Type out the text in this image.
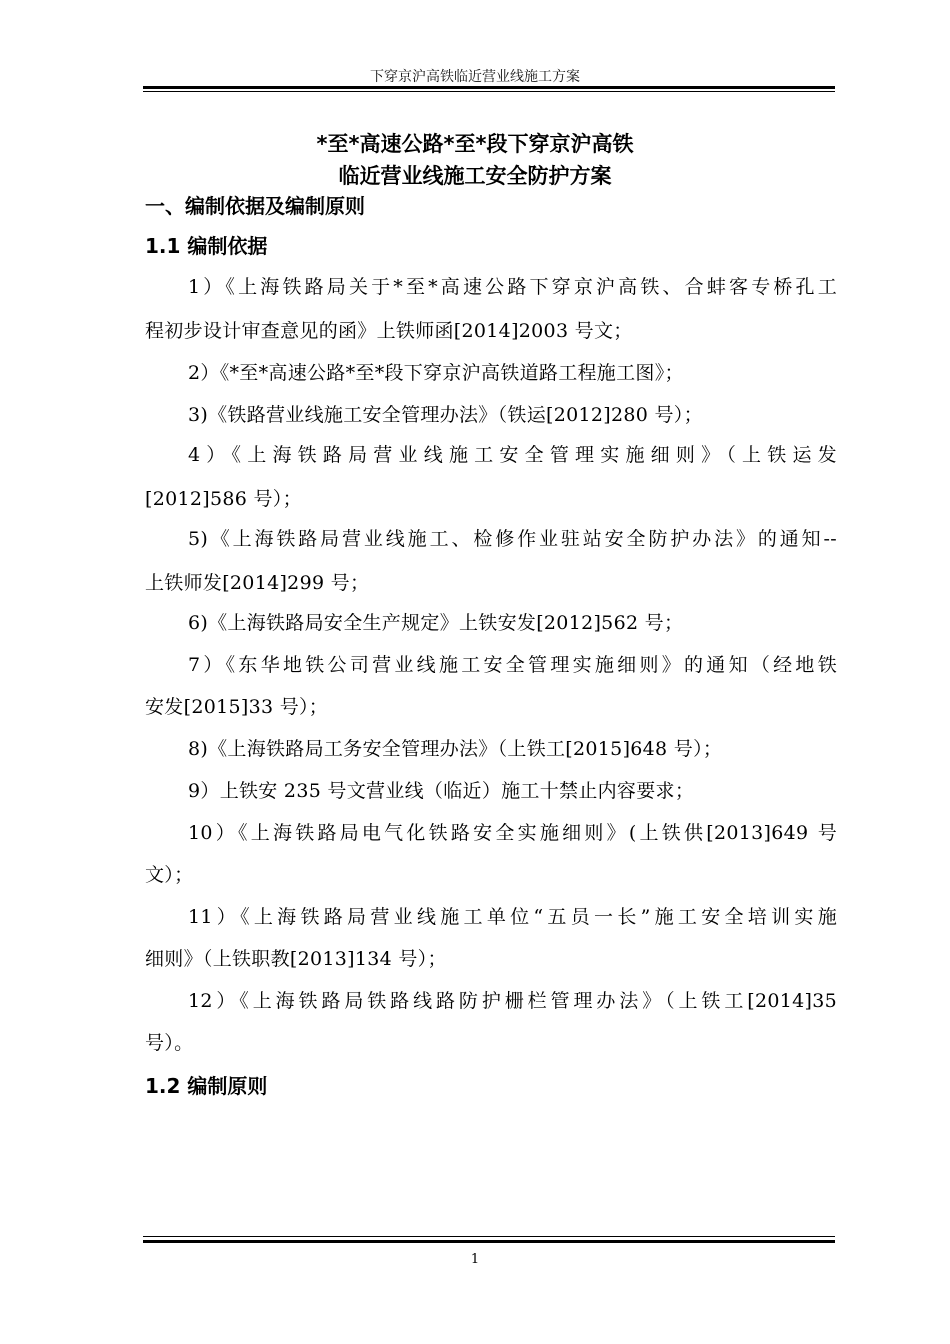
下穿京沪高铁临近营业线施工方案
*至*高速公路*至*段下穿京沪高铁
临近营业线施工安全防护方案
一、编制依据及编制原则
1.1 编制依据
1）《上海铁路局关于*至*高速公路下穿京沪高铁、合蚌客专桥孔工
程初步设计审查意见的函》上铁师函[2014]2003 号文；
2）《*至*高速公路*至*段下穿京沪高铁道路工程施工图》；
3)《铁路营业线施工安全管理办法》（铁运[2012]280 号）；
4）《上海铁路局营业线施工安全管理实施细则》（上铁运发
[2012]586 号）；
5)《上海铁路局营业线施工、检修作业驻站安全防护办法》的通知--
上铁师发[2014]299 号；
6)《上海铁路局安全生产规定》上铁安发[2012]562 号；
7）《东华地铁公司营业线施工安全管理实施细则》的通知（经地铁
安发[2015]33 号）；
8)《上海铁路局工务安全管理办法》（上铁工[2015]648 号）；
9）上铁安 235 号文营业线（临近）施工十禁止内容要求；
10）《上海铁路局电气化铁路安全实施细则》(上铁供[2013]649 号
文）；
11）《上海铁路局营业线施工单位“五员一长”施工安全培训实施
细则》（上铁职教[2013]134 号）；
12）《上海铁路局铁路线路防护栅栏管理办法》（上铁工[2014]35
号）。
1.2 编制原则
1
